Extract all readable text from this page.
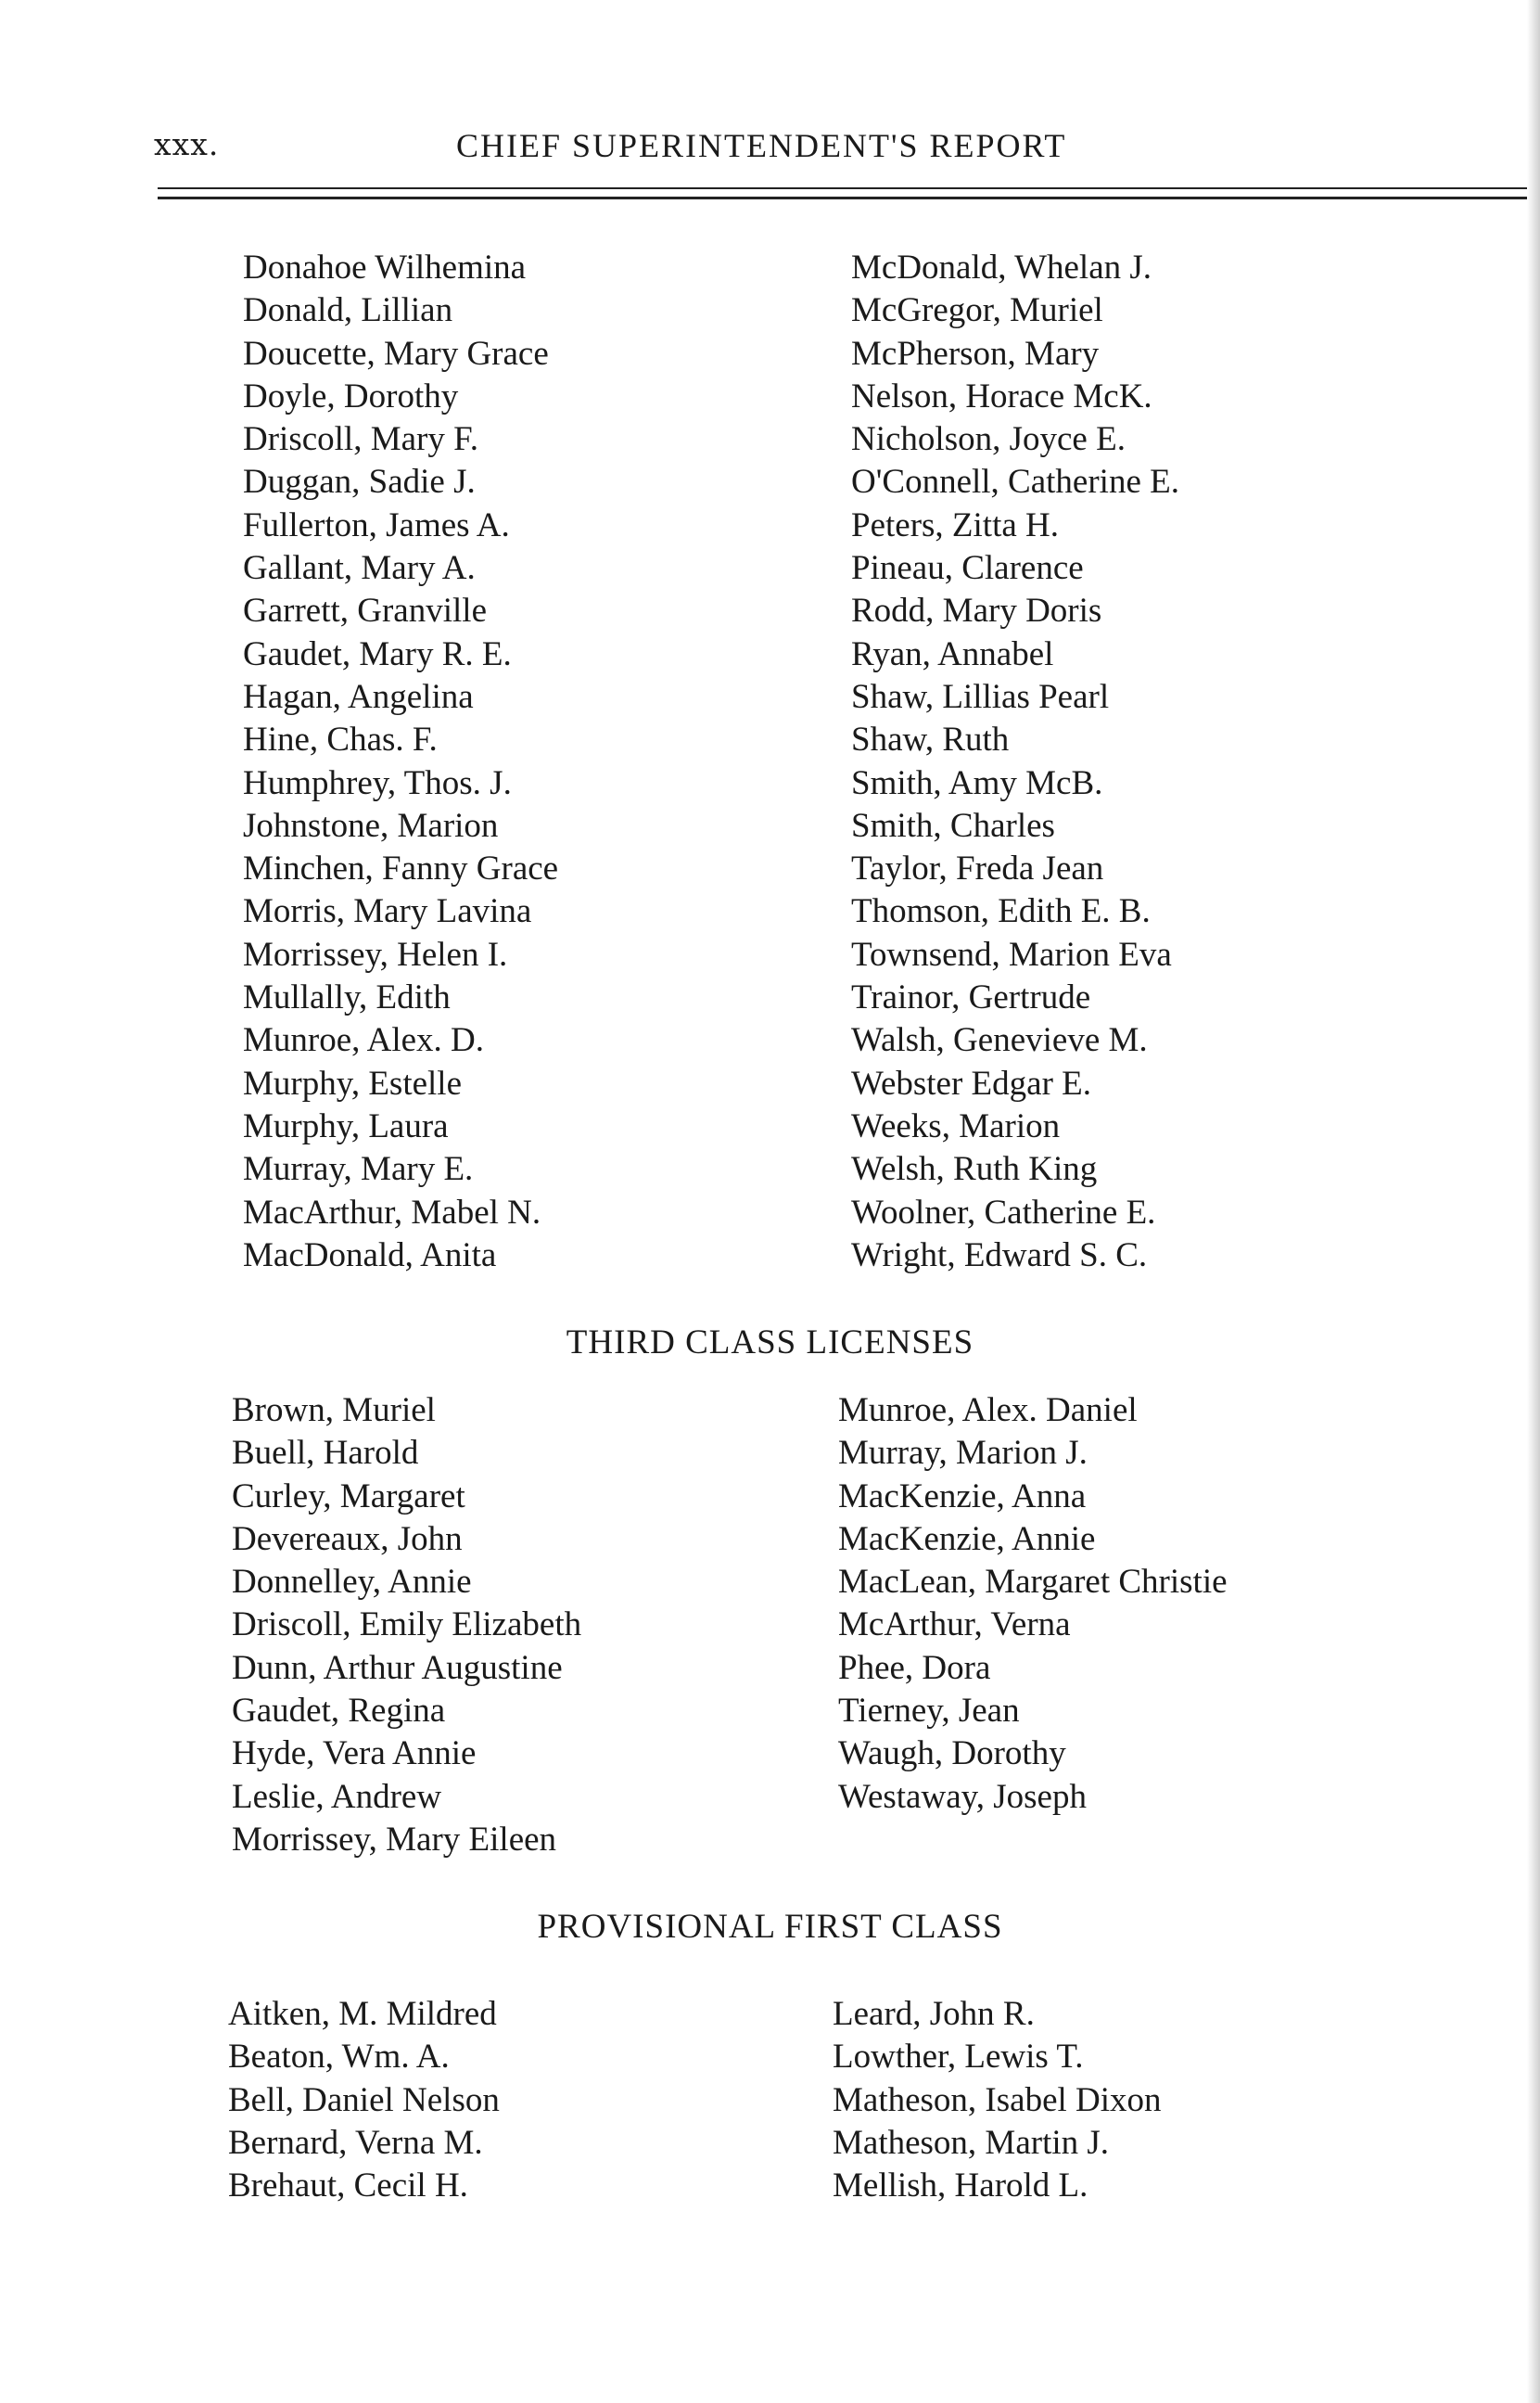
xxx.	CHIEF SUPERINTENDENT'S REPORT
Donahoe Wilhemina
Donald, Lillian
Doucette, Mary Grace
Doyle, Dorothy
Driscoll, Mary F.
Duggan, Sadie J.
Fullerton, James A.
Gallant, Mary A.
Garrett, Granville
Gaudet, Mary R. E.
Hagan, Angelina
Hine, Chas. F.
Humphrey, Thos. J.
Johnstone, Marion
Minchen, Fanny Grace
Morris, Mary Lavina
Morrissey, Helen I.
Mullally, Edith
Munroe, Alex. D.
Murphy, Estelle
Murphy, Laura
Murray, Mary E.
MacArthur, Mabel N.
MacDonald, Anita
McDonald, Whelan J.
McGregor, Muriel
McPherson, Mary
Nelson, Horace McK.
Nicholson, Joyce E.
O'Connell, Catherine E.
Peters, Zitta H.
Pineau, Clarence
Rodd, Mary Doris
Ryan, Annabel
Shaw, Lillias Pearl
Shaw, Ruth
Smith, Amy McB.
Smith, Charles
Taylor, Freda Jean
Thomson, Edith E. B.
Townsend, Marion Eva
Trainor, Gertrude
Walsh, Genevieve M.
Webster Edgar E.
Weeks, Marion
Welsh, Ruth King
Woolner, Catherine E.
Wright, Edward S. C.
THIRD CLASS LICENSES
Brown, Muriel
Buell, Harold
Curley, Margaret
Devereaux, John
Donnelley, Annie
Driscoll, Emily Elizabeth
Dunn, Arthur Augustine
Gaudet, Regina
Hyde, Vera Annie
Leslie, Andrew
Morrissey, Mary Eileen
Munroe, Alex. Daniel
Murray, Marion J.
MacKenzie, Anna
MacKenzie, Annie
MacLean, Margaret Christie
McArthur, Verna
Phee, Dora
Tierney, Jean
Waugh, Dorothy
Westaway, Joseph
PROVISIONAL FIRST CLASS
Aitken, M. Mildred
Beaton, Wm. A.
Bell, Daniel Nelson
Bernard, Verna M.
Brehaut, Cecil H.
Leard, John R.
Lowther, Lewis T.
Matheson, Isabel Dixon
Matheson, Martin J.
Mellish, Harold L.
